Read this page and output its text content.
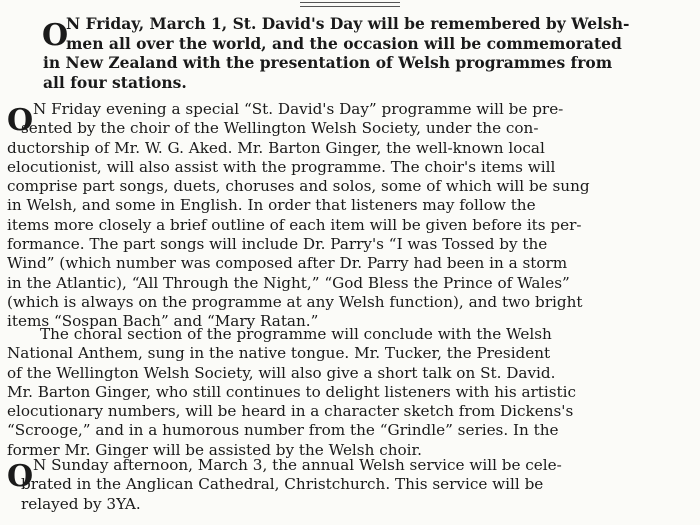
O
N Friday, March 1, St. David's Day will be remembered by Welsh-
men all over the world, and the occasion will be commemorated
in New Zealand with the presentation of Welsh programmes from
all four stations.
O N Friday evening a special “St. David's Day” programme will be pre-
sented by the choir of the Wellington Welsh Society, under the con-
ductorship of Mr. W. G. Aked. Mr. Barton Ginger, the well-known local
elocutionist, will also assist with the programme. The choir's items will
comprise part songs, duets, choruses and solos, some of which will be sung
in Welsh, and some in English. In order that listeners may follow the
items more closely a brief outline of each item will be given before its per-
formance. The part songs will include Dr. Parry's “I was Tossed by the
Wind” (which number was composed after Dr. Parry had been in a storm
in the Atlantic), “All Through the Night,” “God Bless the Prince of Wales”
(which is always on the programme at any Welsh function), and two bright
items “Sospan Bach” and “Mary Ratan.”
The choral section of the programme will conclude with the Welsh
National Anthem, sung in the native tongue. Mr. Tucker, the President
of the Wellington Welsh Society, will also give a short talk on St. David.
Mr. Barton Ginger, who still continues to delight listeners with his artistic
elocutionary numbers, will be heard in a character sketch from Dickens's
“Scrooge,” and in a humorous number from the “Grindle” series. In the
former Mr. Ginger will be assisted by the Welsh choir.
O N Sunday afternoon, March 3, the annual Welsh service will be cele-
brated in the Anglican Cathedral, Christchurch. This service will be
relayed by 3YA.
